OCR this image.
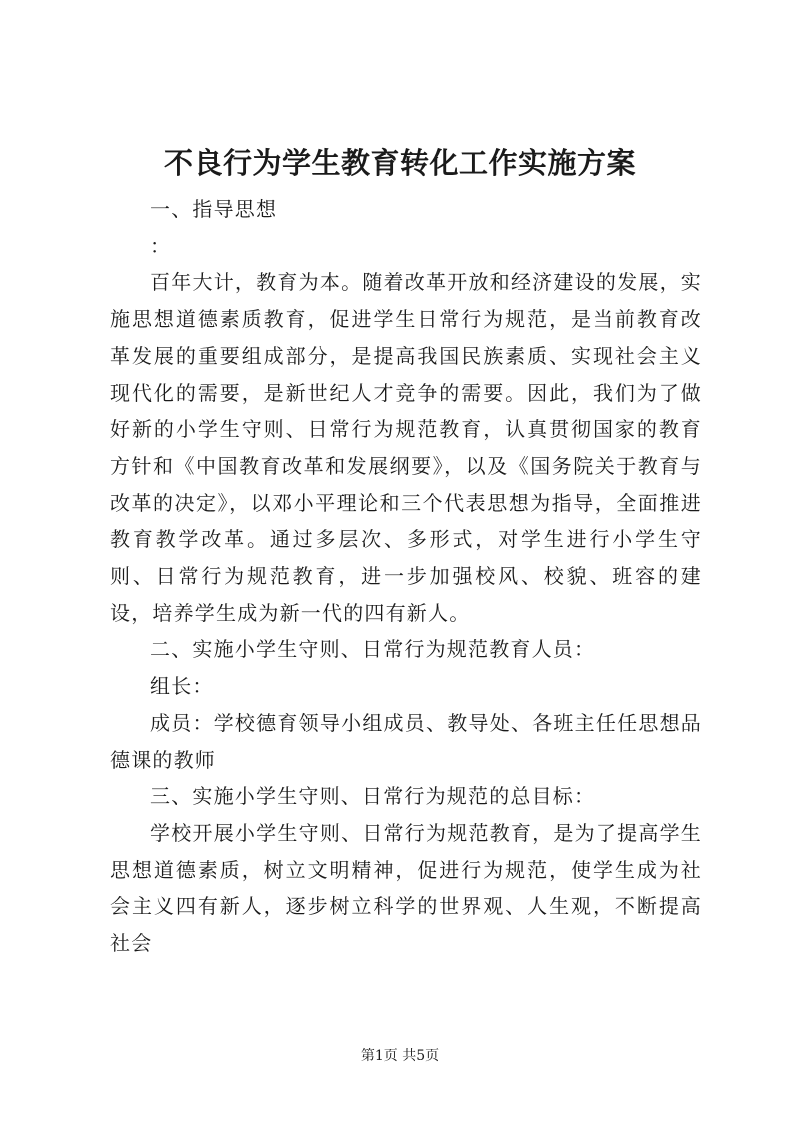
不良行为学生教育转化工作实施方案

一、指导思想

：

百年大计，教育为本。随着改革开放和经济建设的发展，实施思想道德素质教育，促进学生日常行为规范，是当前教育改革发展的重要组成部分，是提高我国民族素质、实现社会主义现代化的需要，是新世纪人才竞争的需要。因此，我们为了做好新的小学生守则、日常行为规范教育，认真贯彻国家的教育方针和《中国教育改革和发展纲要》，以及《国务院关于教育与改革的决定》，以邓小平理论和三个代表思想为指导，全面推进教育教学改革。通过多层次、多形式，对学生进行小学生守则、日常行为规范教育，进一步加强校风、校貌、班容的建设，培养学生成为新一代的四有新人。

二、实施小学生守则、日常行为规范教育人员：

组长：

成员：学校德育领导小组成员、教导处、各班主任任思想品德课的教师

三、实施小学生守则、日常行为规范的总目标：

学校开展小学生守则、日常行为规范教育，是为了提高学生思想道德素质，树立文明精神，促进行为规范，使学生成为社会主义四有新人，逐步树立科学的世界观、人生观，不断提高社会

第1页 共5页
